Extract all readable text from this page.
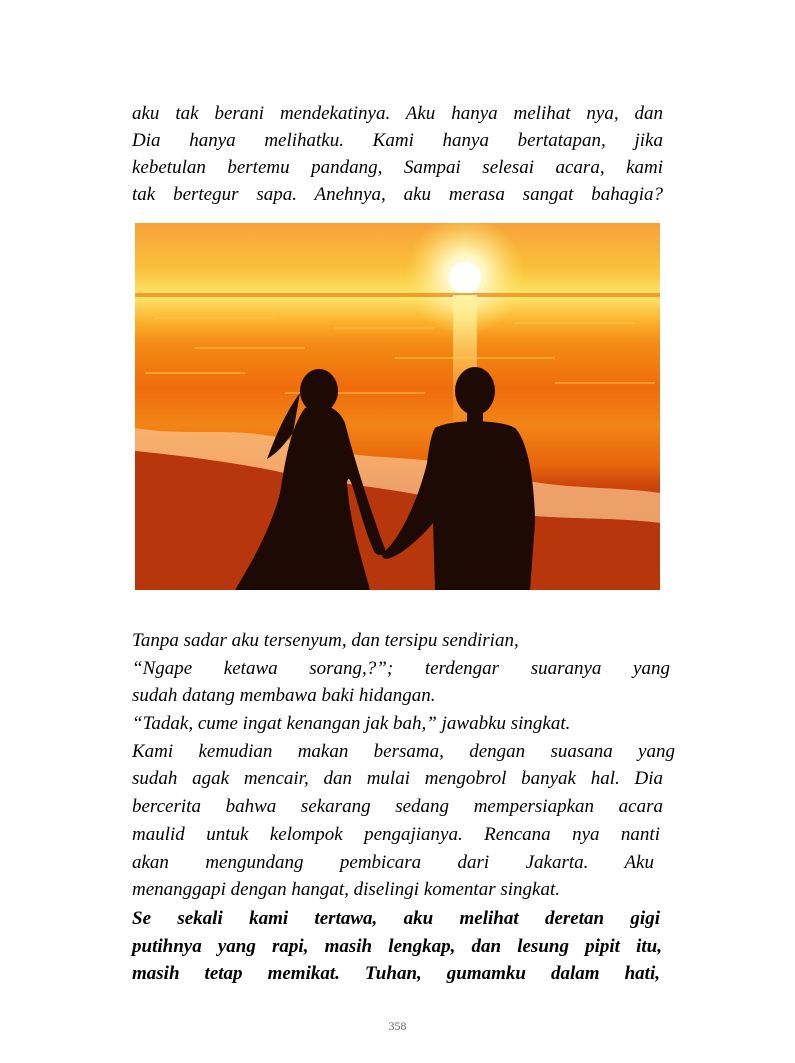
aku tak berani mendekatinya. Aku hanya melihat nya, dan
Dia hanya melihatku. Kami hanya bertatapan, jika
kebetulan bertemu pandang, Sampai selesai acara, kami
tak bertegur sapa. Anehnya, aku merasa sangat bahagia?
Tanpa sadar aku tersenyum, dan tersipu sendirian,
“Ngape ketawa sorang,?”; terdengar suaranya yang
sudah datang membawa baki hidangan.
“Tadak, cume ingat kenangan jak bah,” jawabku singkat.
Kami kemudian makan bersama, dengan suasana yang
sudah agak mencair, dan mulai mengobrol banyak hal. Dia
bercerita bahwa sekarang sedang mempersiapkan acara
maulid untuk kelompok pengajianya. Rencana nya nanti
akan mengundang pembicara dari Jakarta. Aku
menanggapi dengan hangat, diselingi komentar singkat.
Se sekali kami tertawa, aku melihat deretan gigi
putihnya yang rapi, masih lengkap, dan lesung pipit itu,
masih tetap memikat. Tuhan, gumamku dalam hati,
358
